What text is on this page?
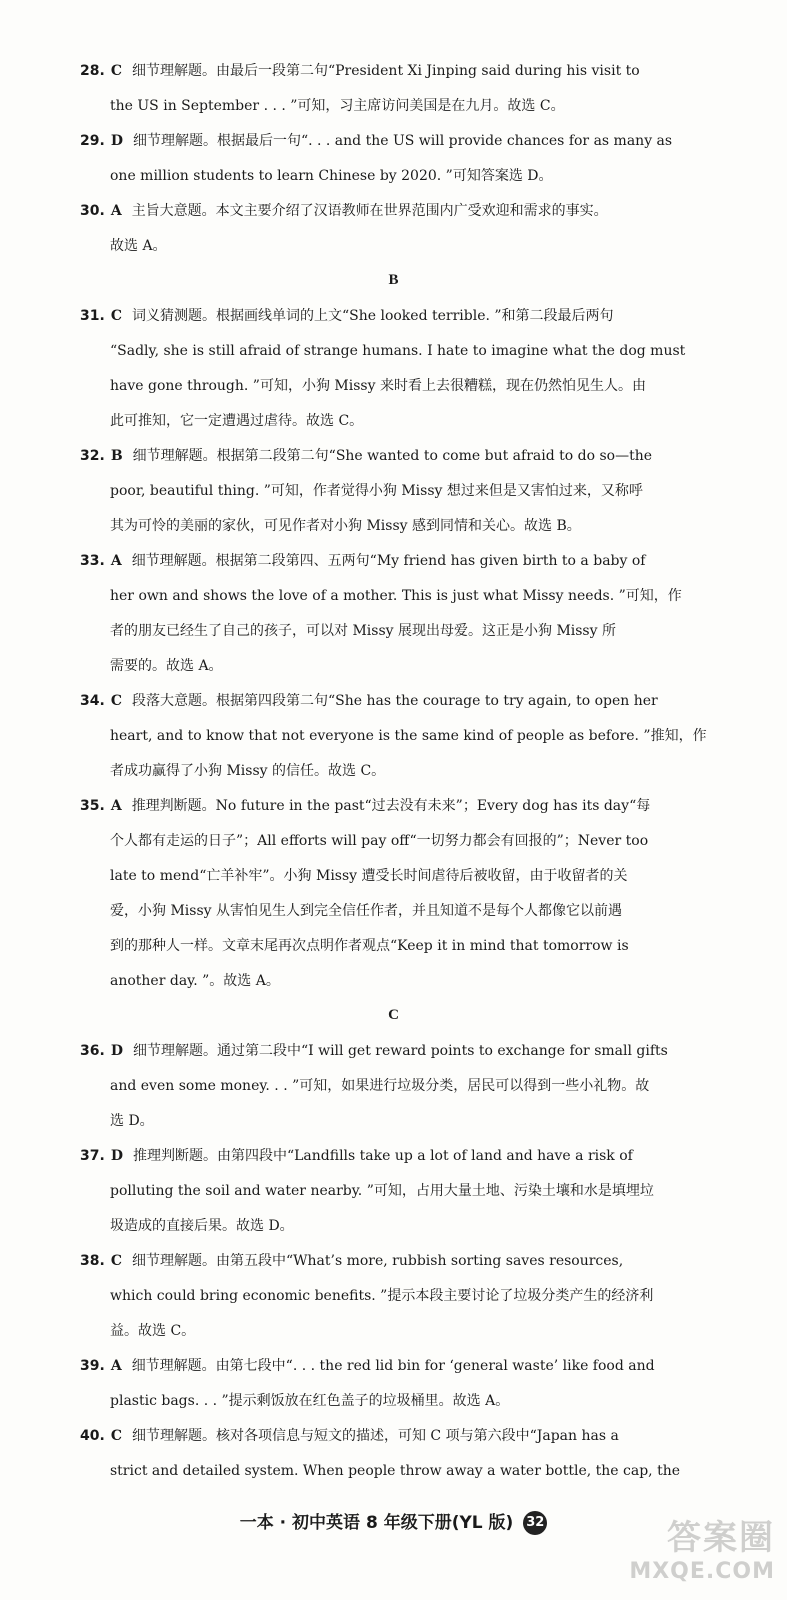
28. C 细节理解题。由最后一段第二句“President Xi Jinping said during his visit to
the US in September . . . ”可知，习主席访问美国是在九月。故选 C。
29. D 细节理解题。根据最后一句“. . . and the US will provide chances for as many as
one million students to learn Chinese by 2020. ”可知答案选 D。
30. A 主旨大意题。本文主要介绍了汉语教师在世界范围内广受欢迎和需求的事实。
故选 A。
B
31. C 词义猜测题。根据画线单词的上文“She looked terrible. ”和第二段最后两句
“Sadly, she is still afraid of strange humans. I hate to imagine what the dog must
have gone through. ”可知，小狗 Missy 来时看上去很糟糕，现在仍然怕见生人。由
此可推知，它一定遭遇过虐待。故选 C。
32. B 细节理解题。根据第二段第二句“She wanted to come but afraid to do so—the
poor, beautiful thing. ”可知，作者觉得小狗 Missy 想过来但是又害怕过来，又称呼
其为可怜的美丽的家伙，可见作者对小狗 Missy 感到同情和关心。故选 B。
33. A 细节理解题。根据第二段第四、五两句“My friend has given birth to a baby of
her own and shows the love of a mother. This is just what Missy needs. ”可知，作
者的朋友已经生了自己的孩子，可以对 Missy 展现出母爱。这正是小狗 Missy 所
需要的。故选 A。
34. C 段落大意题。根据第四段第二句“She has the courage to try again, to open her
heart, and to know that not everyone is the same kind of people as before. ”推知，作
者成功赢得了小狗 Missy 的信任。故选 C。
35. A 推理判断题。No future in the past“过去没有未来”；Every dog has its day“每
个人都有走运的日子”；All efforts will pay off“一切努力都会有回报的”；Never too
late to mend“亡羊补牢”。小狗 Missy 遭受长时间虐待后被收留，由于收留者的关
爱，小狗 Missy 从害怕见生人到完全信任作者，并且知道不是每个人都像它以前遇
到的那种人一样。文章末尾再次点明作者观点“Keep it in mind that tomorrow is
another day. ”。故选 A。
C
36. D 细节理解题。通过第二段中“I will get reward points to exchange for small gifts
and even some money. . . ”可知，如果进行垃圾分类，居民可以得到一些小礼物。故
选 D。
37. D 推理判断题。由第四段中“Landfills take up a lot of land and have a risk of
polluting the soil and water nearby. ”可知，占用大量土地、污染土壤和水是填埋垃
圾造成的直接后果。故选 D。
38. C 细节理解题。由第五段中“What’s more, rubbish sorting saves resources,
which could bring economic benefits. ”提示本段主要讨论了垃圾分类产生的经济利
益。故选 C。
39. A 细节理解题。由第七段中“. . . the red lid bin for ‘general waste’ like food and
plastic bags. . . ”提示剩饭放在红色盖子的垃圾桶里。故选 A。
40. C 细节理解题。核对各项信息与短文的描述，可知 C 项与第六段中“Japan has a
strict and detailed system. When people throw away a water bottle, the cap, the
一本 · 初中英语 8 年级下册(YL 版) 32	答案圈
MXQE.COM
